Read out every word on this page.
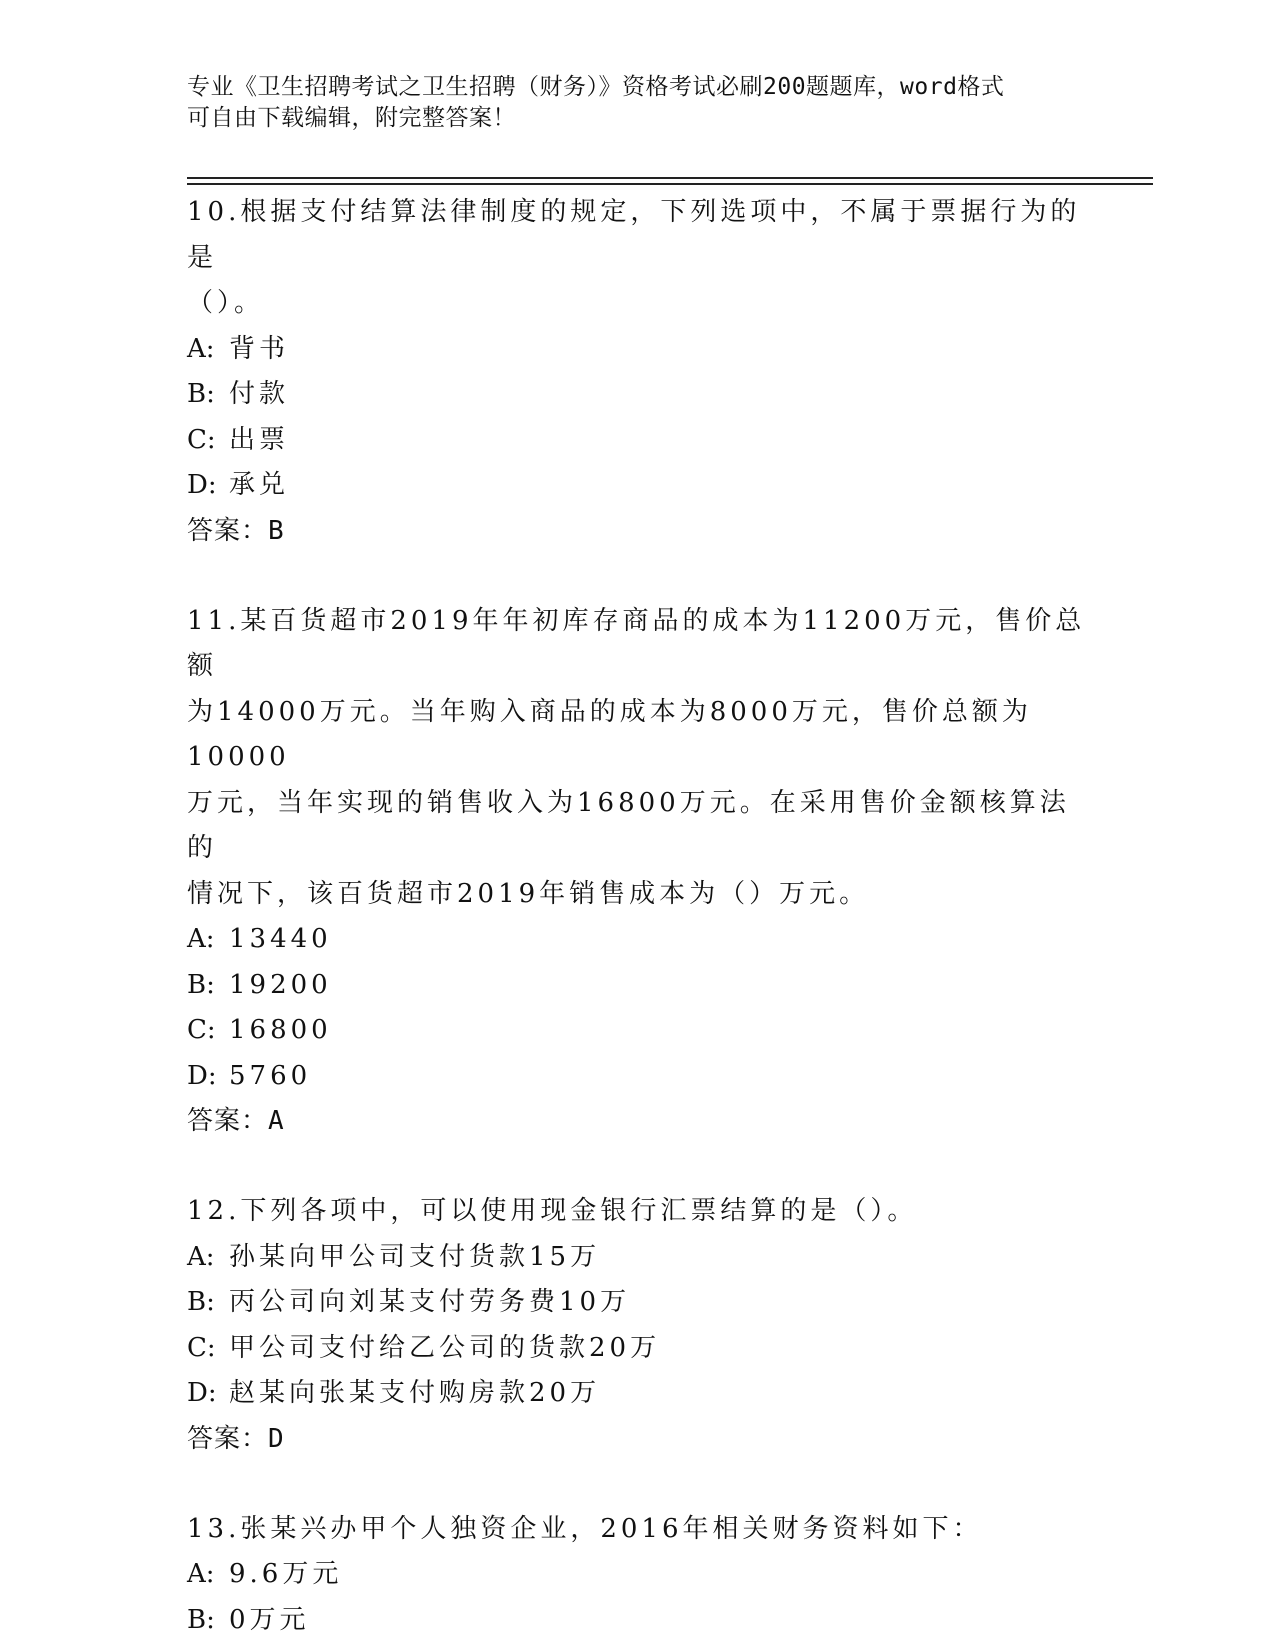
专业《卫生招聘考试之卫生招聘（财务）》资格考试必刷200题题库，word格式
可自由下载编辑，附完整答案！

10.根据支付结算法律制度的规定，下列选项中，不属于票据行为的是

（）。

A: 背书

B: 付款

C: 出票

D: 承兑

答案：B

11.某百货超市2019年年初库存商品的成本为11200万元，售价总额

为14000万元。当年购入商品的成本为8000万元，售价总额为10000

万元，当年实现的销售收入为16800万元。在采用售价金额核算法的

情况下，该百货超市2019年销售成本为（）万元。

A: 13440

B: 19200

C: 16800

D: 5760

答案：A

12.下列各项中，可以使用现金银行汇票结算的是（）。

A: 孙某向甲公司支付货款15万

B: 丙公司向刘某支付劳务费10万

C: 甲公司支付给乙公司的货款20万

D: 赵某向张某支付购房款20万

答案：D

13.张某兴办甲个人独资企业，2016年相关财务资料如下：

A: 9.6万元

B: 0万元
